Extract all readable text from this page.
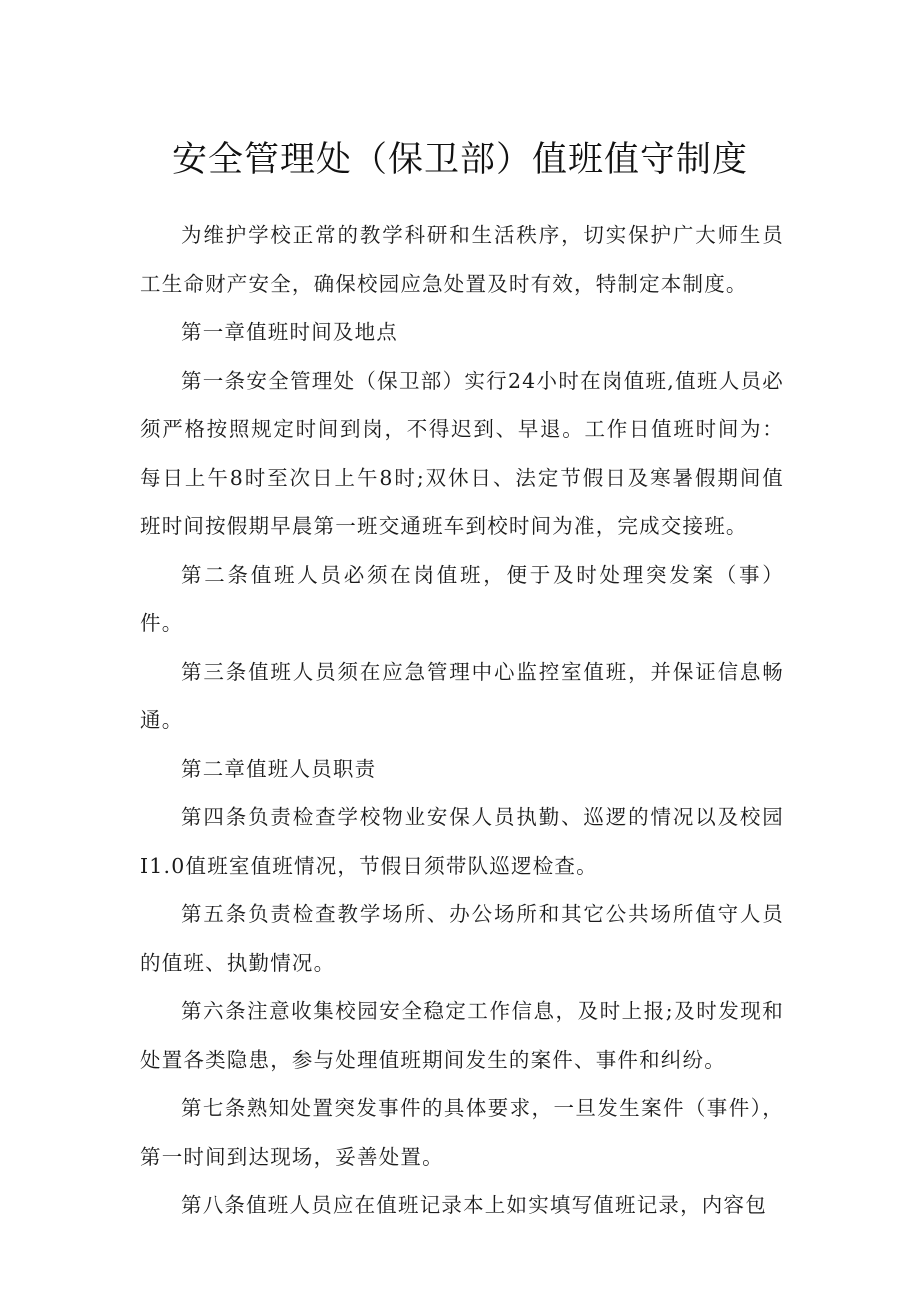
安全管理处（保卫部）值班值守制度

为维护学校正常的教学科研和生活秩序，切实保护广大师生员工生命财产安全，确保校园应急处置及时有效，特制定本制度。

第一章值班时间及地点

第一条安全管理处（保卫部）实行24小时在岗值班,值班人员必须严格按照规定时间到岗，不得迟到、早退。工作日值班时间为：每日上午8时至次日上午8时;双休日、法定节假日及寒暑假期间值班时间按假期早晨第一班交通班车到校时间为准，完成交接班。

第二条值班人员必须在岗值班，便于及时处理突发案（事）件。

第三条值班人员须在应急管理中心监控室值班，并保证信息畅通。

第二章值班人员职责

第四条负责检查学校物业安保人员执勤、巡逻的情况以及校园I1.0值班室值班情况，节假日须带队巡逻检查。

第五条负责检查教学场所、办公场所和其它公共场所值守人员的值班、执勤情况。

第六条注意收集校园安全稳定工作信息，及时上报;及时发现和处置各类隐患，参与处理值班期间发生的案件、事件和纠纷。

第七条熟知处置突发事件的具体要求，一旦发生案件（事件），第一时间到达现场，妥善处置。

第八条值班人员应在值班记录本上如实填写值班记录，内容包
